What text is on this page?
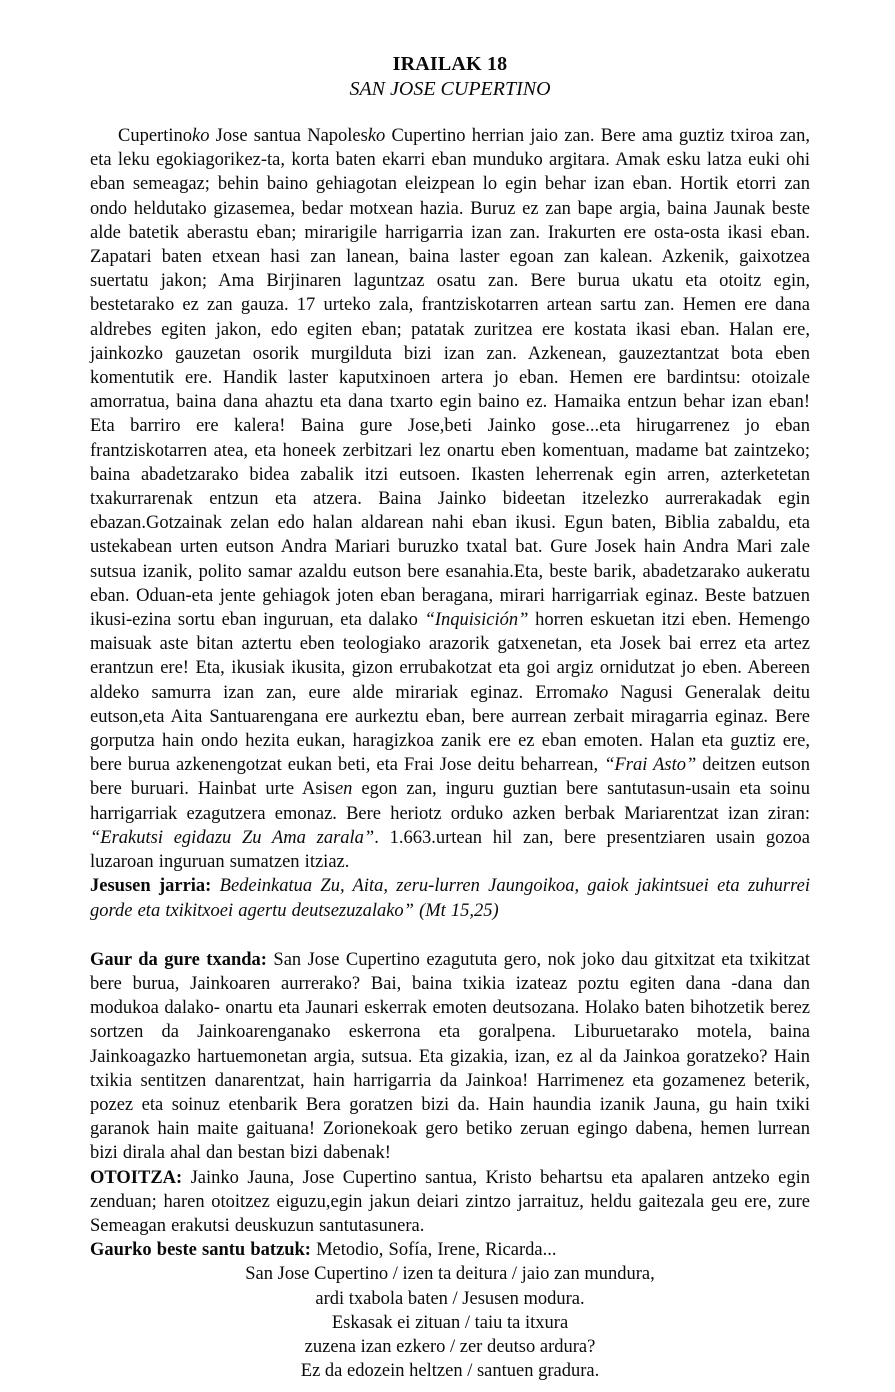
IRAILAK 18
SAN JOSE CUPERTINO

Cupertinoko Jose santua Napolesko Cupertino herrian jaio zan. Bere ama guztiz txiroa zan, eta leku egokiagorikez-ta, korta baten ekarri eban munduko argitara. Amak esku latza euki ohi eban semeagaz; behin baino gehiagotan eleizpean lo egin behar izan eban. Hortik etorri zan ondo heldutako gizasemea, bedar motxean hazia. Buruz ez zan bape argia, baina Jaunak beste alde batetik aberastu eban; mirarigile harrigarria izan zan. Irakurten ere osta-osta ikasi eban. Zapatari baten etxean hasi zan lanean, baina laster egoan zan kalean. Azkenik, gaixotzea suertatu jakon; Ama Birjinaren laguntzaz osatu zan. Bere burua ukatu eta otoitz egin, bestetarako ez zan gauza. 17 urteko zala, frantziskotarren artean sartu zan. Hemen ere dana aldrebes egiten jakon, edo egiten eban; patatak zuritzea ere kostata ikasi eban. Halan ere, jainkozko gauzetan osorik murgilduta bizi izan zan. Azkenean, gauzeztantzat bota eben komentutik ere. Handik laster kaputxinoen artera jo eban. Hemen ere bardintsu: otoizale amorratua, baina dana ahaztu eta dana txarto egin baino ez. Hamaika entzun behar izan eban! Eta barriro ere kalera! Baina gure Jose,beti Jainko gose...eta hirugarrenez jo eban frantziskotarren atea, eta honeek zerbitzari lez onartu eben komentuan, madame bat zaintzeko; baina abadetzarako bidea zabalik itzi eutsoen. Ikasten leherrenak egin arren, azterketetan txakurrarenak entzun eta atzera. Baina Jainko bideetan itzelezko aurrerakadak egin ebazan.Gotzainak zelan edo halan aldarean nahi eban ikusi. Egun baten, Biblia zabaldu, eta ustekabean urten eutson Andra Mariari buruzko txatal bat. Gure Josek hain Andra Mari zale sutsua izanik, polito samar azaldu eutson bere esanahia.Eta, beste barik, abadetzarako aukeratu eban. Oduan-eta jente gehiagok joten eban beragana, mirari harrigarriak eginaz. Beste batzuen ikusi-ezina sortu eban inguruan, eta dalako “Inquisición” horren eskuetan itzi eben. Hemengo maisuak aste bitan aztertu eben teologiako arazorik gatxenetan, eta Josek bai errez eta artez erantzun ere! Eta, ikusiak ikusita, gizon errubakotzat eta goi argiz ornidutzat jo eben. Abereen aldeko samurra izan zan, eure alde mirariak eginaz. Erromako Nagusi Generalak deitu eutson,eta Aita Santuarengana ere aurkeztu eban, bere aurrean zerbait miragarria eginaz. Bere gorputza hain ondo hezita eukan, haragizkoa zanik ere ez eban emoten. Halan eta guztiz ere, bere burua azkenengotzat eukan beti, eta Frai Jose deitu beharrean, “Frai Asto” deitzen eutson bere buruari. Hainbat urte Asisen egon zan, inguru guztian bere santutasun-usain eta soinu harrigarriak ezagutzera emonaz. Bere heriotz orduko azken berbak Mariarentzat izan ziran: “Erakutsi egidazu Zu Ama zarala”. 1.663.urtean hil zan, bere presentziaren usain gozoa luzaroan inguruan sumatzen itziaz.

Jesusen jarria: Bedeinkatua Zu, Aita, zeru-lurren Jaungoikoa, gaiok jakintsuei eta zuhurrei gorde eta txikitxoei agertu deutsezuzalako” (Mt 15,25)

Gaur da gure txanda: San Jose Cupertino ezagututa gero, nok joko dau gitxitzat eta txikitzat bere burua, Jainkoaren aurrerako? Bai, baina txikia izateaz poztu egiten dana -dana dan modukoa dalako- onartu eta Jaunari eskerrak emoten deutsozana. Holako baten bihotzetik berez sortzen da Jainkoarenganako eskerrona eta goralpena. Liburuetarako motela, baina Jainkoagazko hartuemonetan argia, sutsua. Eta gizakia, izan, ez al da Jainkoa goratzeko? Hain txikia sentitzen danarentzat, hain harrigarria da Jainkoa! Harrimenez eta gozamenez beterik, pozez eta soinuz etenbarik Bera goratzen bizi da. Hain haundia izanik Jauna, gu hain txiki garanok hain maite gaituana! Zorionekoak gero betiko zeruan egingo dabena, hemen lurrean bizi dirala ahal dan bestan bizi dabenak!

OTOITZA: Jainko Jauna, Jose Cupertino santua, Kristo behartsu eta apalaren antzeko egin zenduan; haren otoitzez eiguzu,egin jakun deiari zintzo jarraituz, heldu gaitezala geu ere, zure Semeagan erakutsi deuskuzun santutasunera.

Gaurko beste santu batzuk: Metodio, Sofía, Irene, Ricarda...

San Jose Cupertino / izen ta deitura / jaio zan mundura,
ardi txabola baten / Jesusen modura.
Eskasak ei zituan / taiu ta itxura
zuzena izan ezkero / zer deutso ardura?
Ez da edozein heltzen / santuen gradura.
